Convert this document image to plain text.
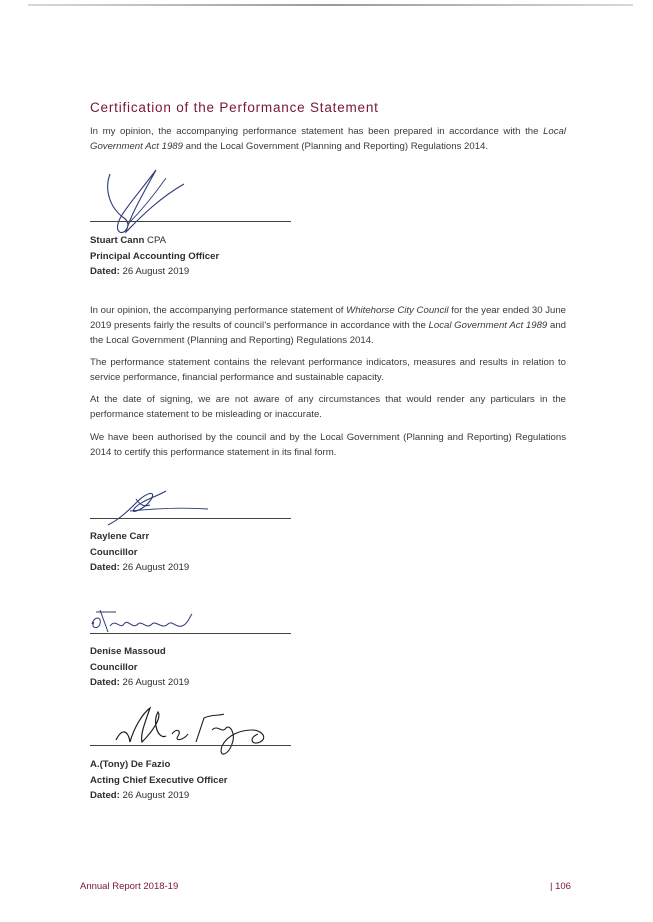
Certification of the Performance Statement

In my opinion, the accompanying performance statement has been prepared in accordance with the Local Government Act 1989 and the Local Government (Planning and Reporting) Regulations 2014.

Stuart Cann CPA
Principal Accounting Officer
Dated: 26 August 2019

In our opinion, the accompanying performance statement of Whitehorse City Council for the year ended 30 June 2019 presents fairly the results of council’s performance in accordance with the Local Government Act 1989 and the Local Government (Planning and Reporting) Regulations 2014.

The performance statement contains the relevant performance indicators, measures and results in relation to service performance, financial performance and sustainable capacity.

At the date of signing, we are not aware of any circumstances that would render any particulars in the performance statement to be misleading or inaccurate.

We have been authorised by the council and by the Local Government (Planning and Reporting) Regulations 2014 to certify this performance statement in its final form.

Raylene Carr
Councillor
Dated: 26 August 2019
Denise Massoud
Councillor
Dated: 26 August 2019
A.(Tony) De Fazio
Acting Chief Executive Officer
Dated: 26 August 2019
Annual Report 2018-19	| 106
